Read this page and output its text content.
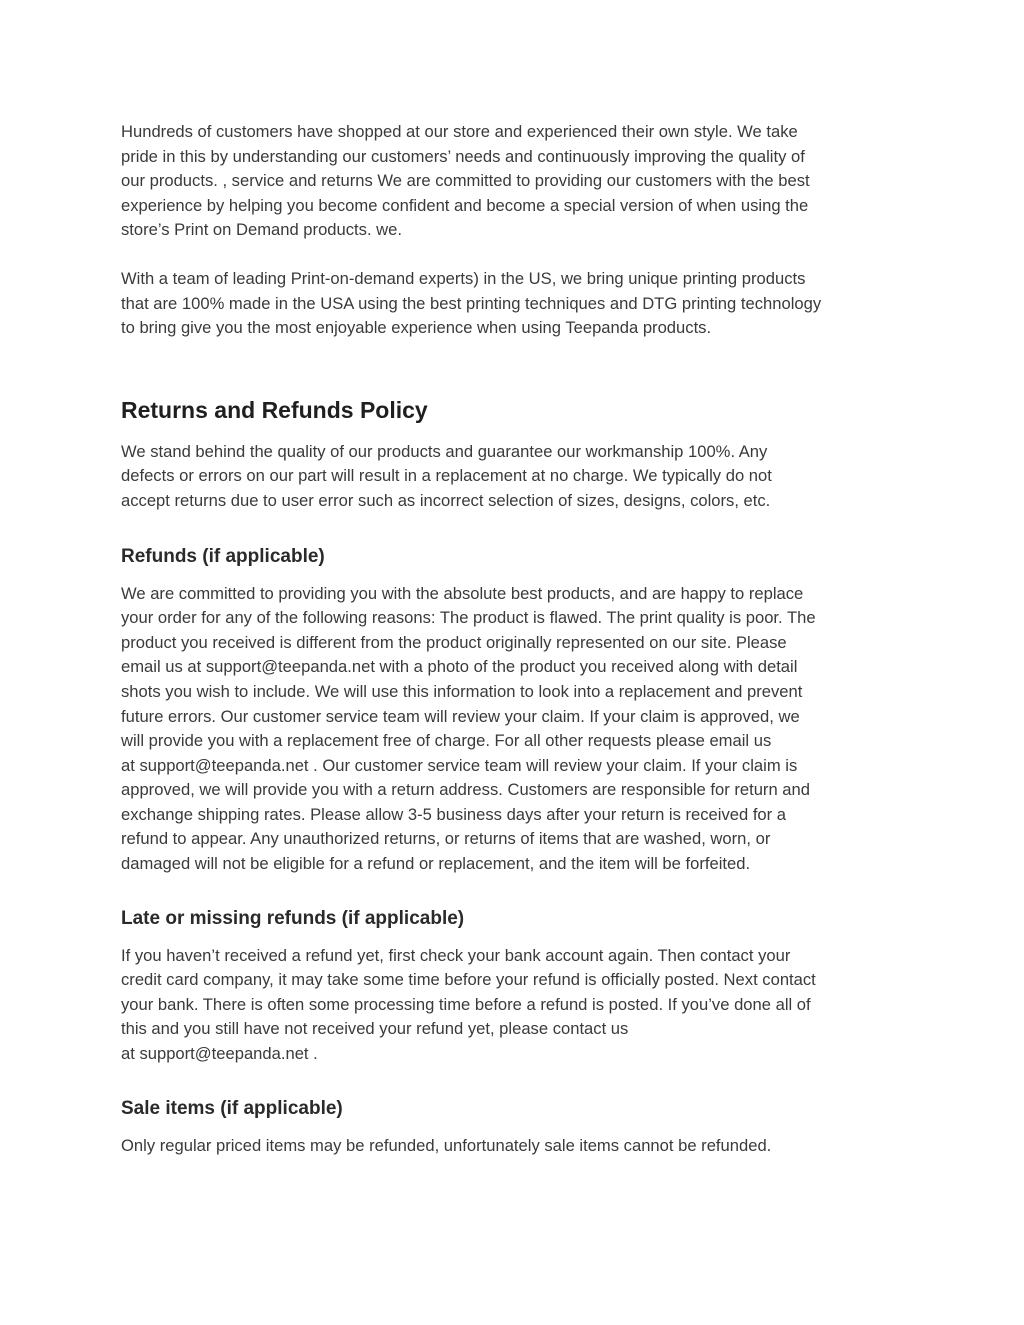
Hundreds of customers have shopped at our store and experienced their own style. We take
pride in this by understanding our customers’ needs and continuously improving the quality of
our products. , service and returns We are committed to providing our customers with the best
experience by helping you become confident and become a special version of when using the
store’s Print on Demand products. we.

With a team of leading Print-on-demand experts) in the US, we bring unique printing products
that are 100% made in the USA using the best printing techniques and DTG printing technology
to bring give you the most enjoyable experience when using Teepanda products.

Returns and Refunds Policy

We stand behind the quality of our products and guarantee our workmanship 100%. Any
defects or errors on our part will result in a replacement at no charge. We typically do not
accept returns due to user error such as incorrect selection of sizes, designs, colors, etc.

Refunds (if applicable)

We are committed to providing you with the absolute best products, and are happy to replace
your order for any of the following reasons: The product is flawed. The print quality is poor. The
product you received is different from the product originally represented on our site. Please
email us at support@teepanda.net with a photo of the product you received along with detail
shots you wish to include. We will use this information to look into a replacement and prevent
future errors. Our customer service team will review your claim. If your claim is approved, we
will provide you with a replacement free of charge. For all other requests please email us
at support@teepanda.net . Our customer service team will review your claim. If your claim is
approved, we will provide you with a return address. Customers are responsible for return and
exchange shipping rates. Please allow 3-5 business days after your return is received for a
refund to appear. Any unauthorized returns, or returns of items that are washed, worn, or
damaged will not be eligible for a refund or replacement, and the item will be forfeited.

Late or missing refunds (if applicable)

If you haven’t received a refund yet, first check your bank account again. Then contact your
credit card company, it may take some time before your refund is officially posted. Next contact
your bank. There is often some processing time before a refund is posted. If you’ve done all of
this and you still have not received your refund yet, please contact us
at support@teepanda.net .

Sale items (if applicable)

Only regular priced items may be refunded, unfortunately sale items cannot be refunded.
